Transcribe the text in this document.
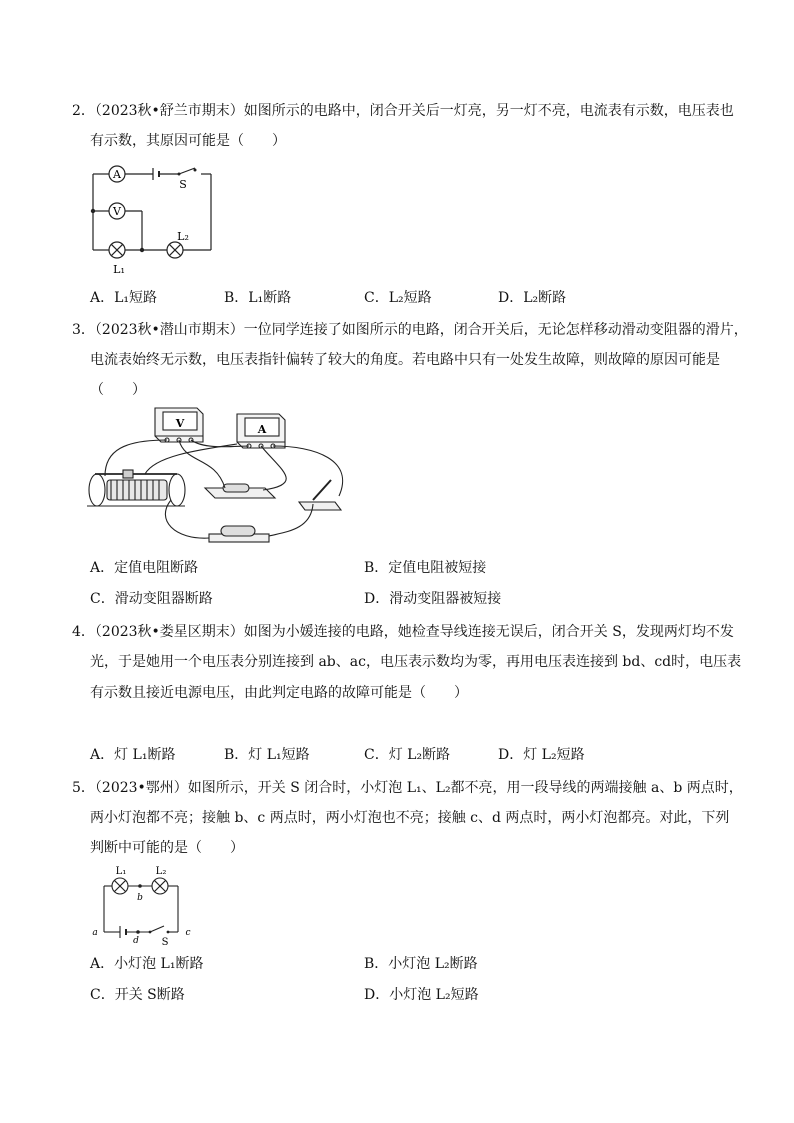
2．（2023秋•舒兰市期末）如图所示的电路中，闭合开关后一灯亮，另一灯不亮，电流表有示数，电压表也
有示数，其原因可能是（　　）
A
V
S
L₁
L₂
A．L₁短路	B．L₁断路	C．L₂短路	D．L₂断路
3．（2023秋•潜山市期末）一位同学连接了如图所示的电路，闭合开关后，无论怎样移动滑动变阻器的滑片，
电流表始终无示数，电压表指针偏转了较大的角度。若电路中只有一处发生故障，则故障的原因可能是
（　　）
V	A
A．定值电阻断路	B．定值电阻被短接
C．滑动变阻器断路	D．滑动变阻器被短接
4．（2023秋•娄星区期末）如图为小媛连接的电路，她检查导线连接无误后，闭合开关 S，发现两灯均不发
光，于是她用一个电压表分别连接到 ab、ac，电压表示数均为零，再用电压表连接到 bd、cd时，电压表
有示数且接近电源电压，由此判定电路的故障可能是（　　）
A．灯 L₁断路	B．灯 L₁短路	C．灯 L₂断路	D．灯 L₂短路
5．（2023•鄂州）如图所示，开关 S 闭合时，小灯泡 L₁、L₂都不亮，用一段导线的两端接触 a、b 两点时，
两小灯泡都不亮；接触 b、c 两点时，两小灯泡也不亮；接触 c、d 两点时，两小灯泡都亮。对此，下列
判断中可能的是（　　）
L₁	L₂
b
a	c
d S
A．小灯泡 L₁断路	B．小灯泡 L₂断路
C．开关 S断路	D．小灯泡 L₂短路
